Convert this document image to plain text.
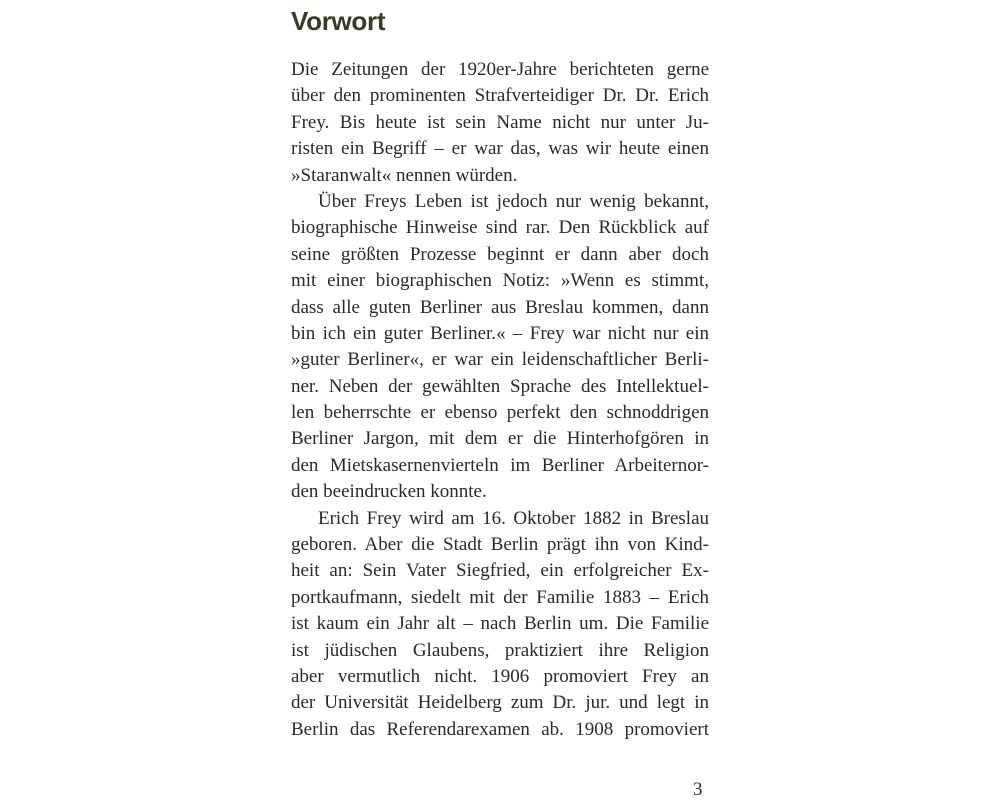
Vorwort
Die Zeitungen der 1920er-Jahre berichteten gerne
über den prominenten Strafverteidiger Dr. Dr. Erich
Frey. Bis heute ist sein Name nicht nur unter Ju-
risten ein Begriff – er war das, was wir heute einen
»Staranwalt« nennen würden.
Über Freys Leben ist jedoch nur wenig bekannt,
biographische Hinweise sind rar. Den Rückblick auf
seine größten Prozesse beginnt er dann aber doch
mit einer biographischen Notiz: »Wenn es stimmt,
dass alle guten Berliner aus Breslau kommen, dann
bin ich ein guter Berliner.« – Frey war nicht nur ein
»guter Berliner«, er war ein leidenschaftlicher Berli-
ner. Neben der gewählten Sprache des Intellektuel-
len beherrschte er ebenso perfekt den schnoddrigen
Berliner Jargon, mit dem er die Hinterhofgören in
den Mietskasernenvierteln im Berliner Arbeiternor-
den beeindrucken konnte.
Erich Frey wird am 16. Oktober 1882 in Breslau
geboren. Aber die Stadt Berlin prägt ihn von Kind-
heit an: Sein Vater Siegfried, ein erfolgreicher Ex-
portkaufmann, siedelt mit der Familie 1883 – Erich
ist kaum ein Jahr alt – nach Berlin um. Die Familie
ist jüdischen Glaubens, praktiziert ihre Religion
aber vermutlich nicht. 1906 promoviert Frey an
der Universität Heidelberg zum Dr. jur. und legt in
Berlin das Referendarexamen ab. 1908 promoviert
3
